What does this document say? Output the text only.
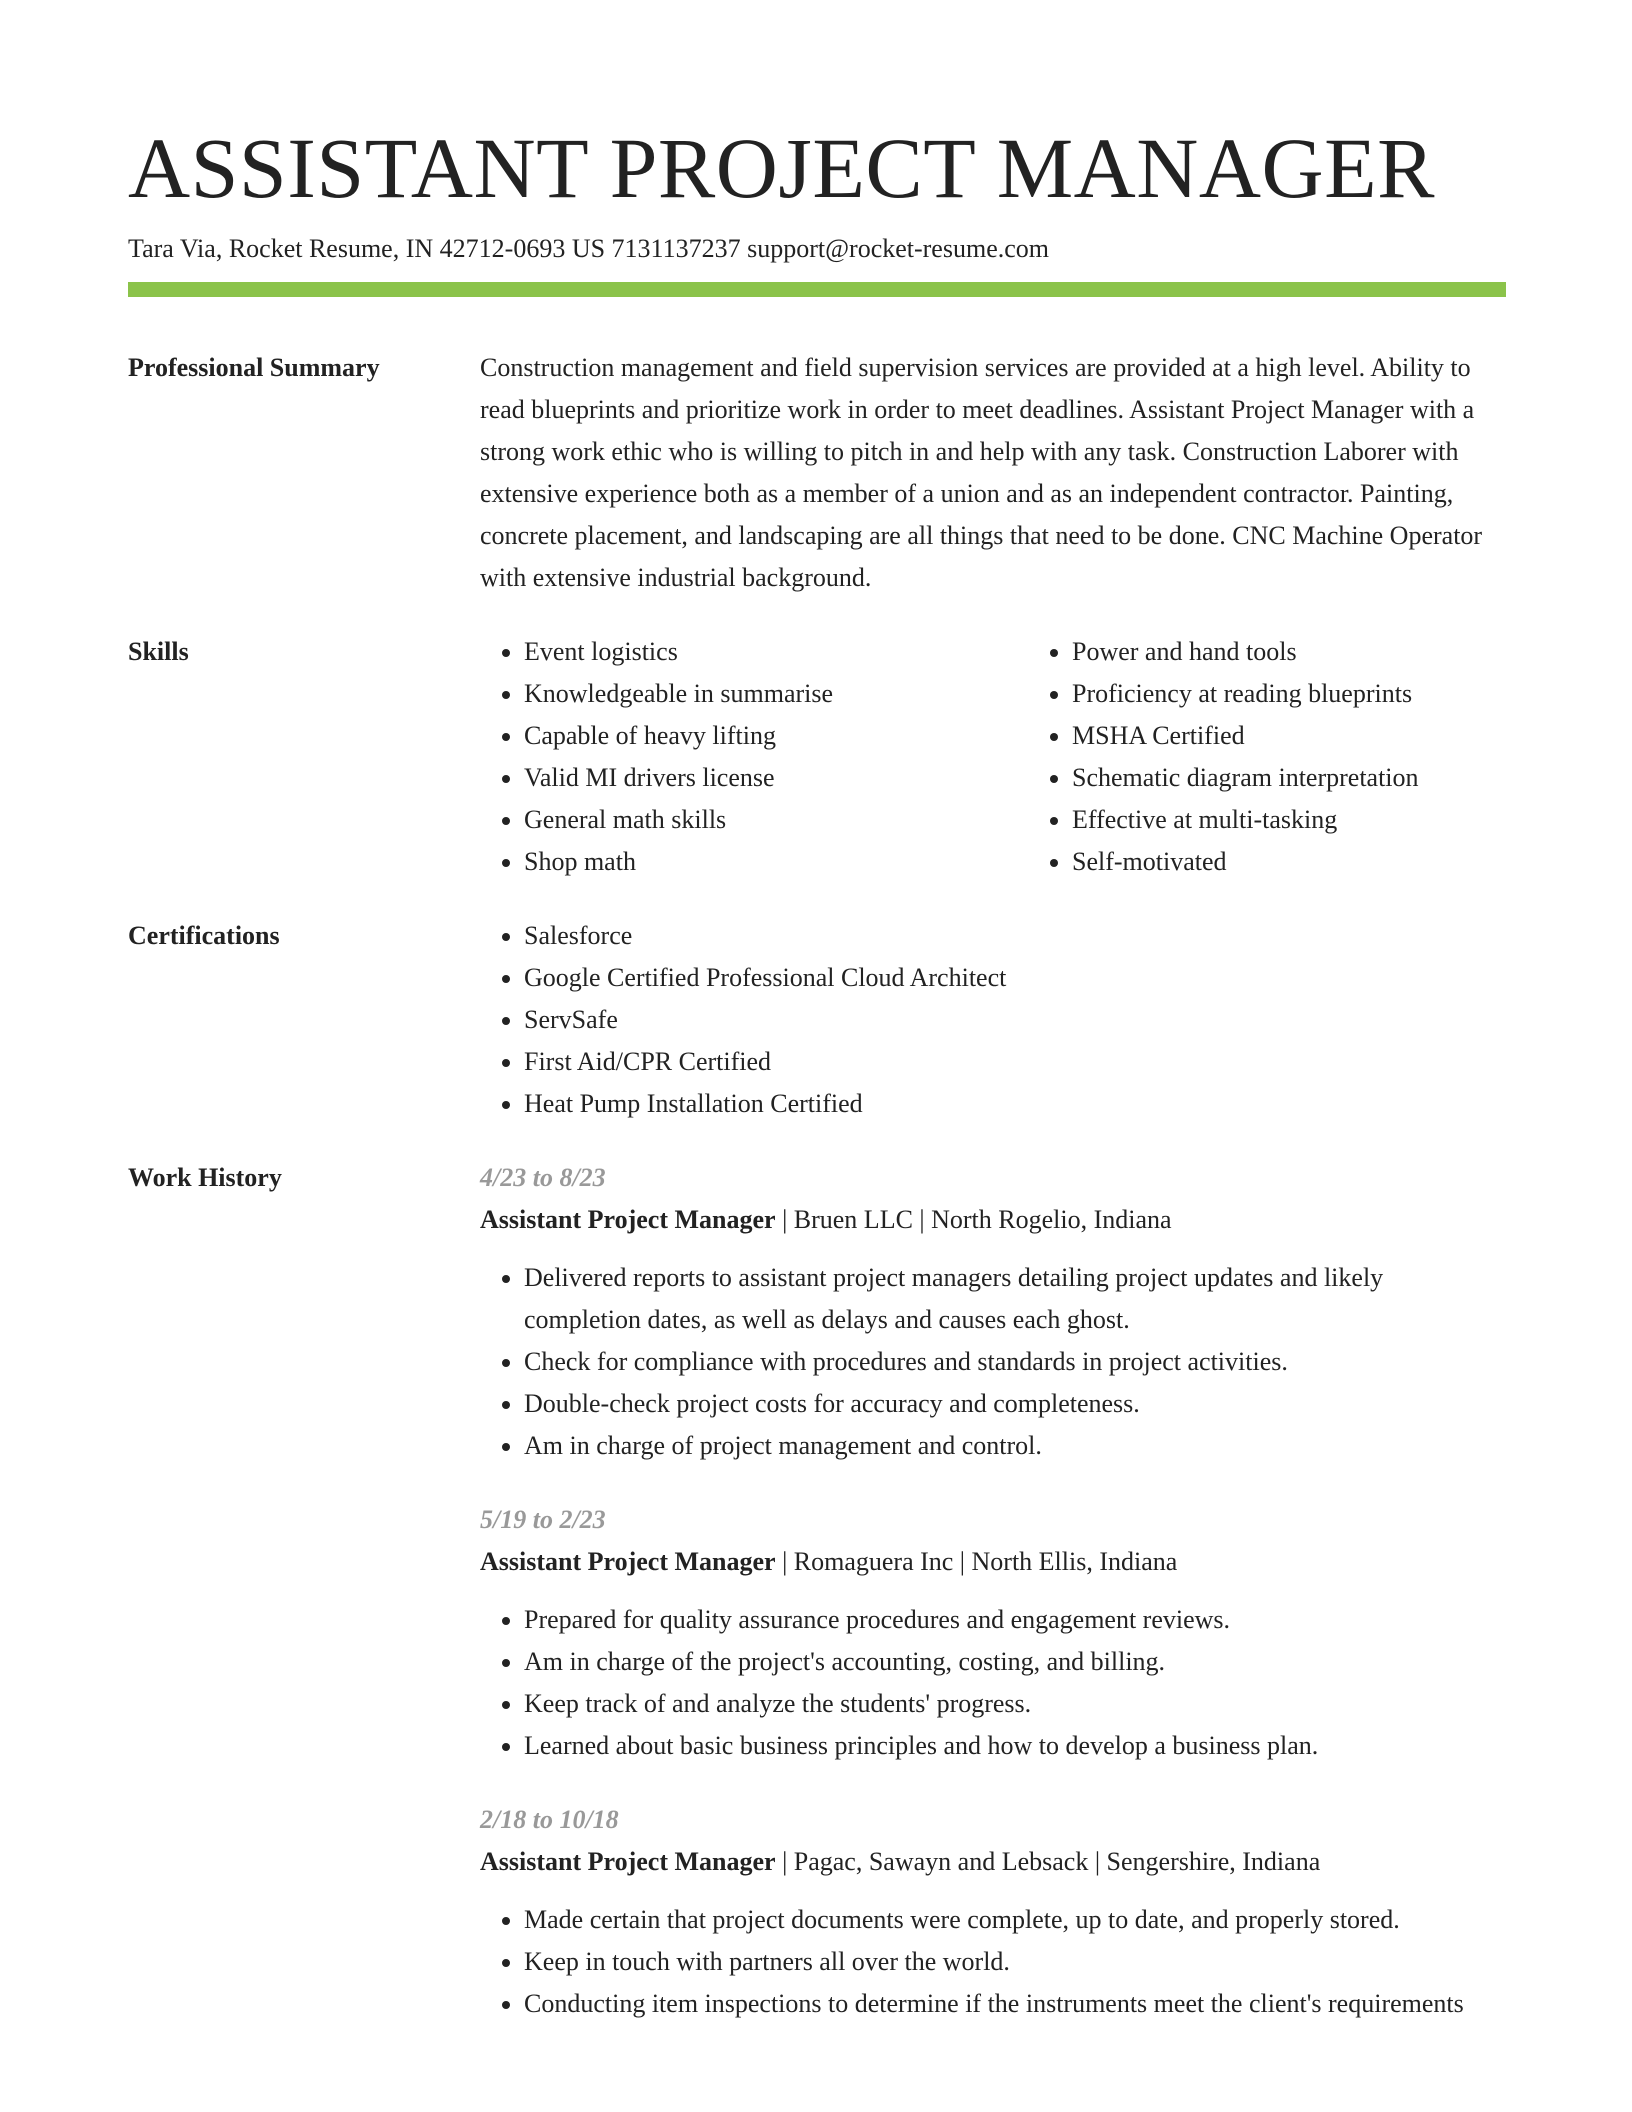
ASSISTANT PROJECT MANAGER
Tara Via, Rocket Resume, IN 42712-0693 US 7131137237 support@rocket-resume.com
Professional Summary	Construction management and field supervision services are provided at a high level. Ability to read blueprints and prioritize work in order to meet deadlines. Assistant Project Manager with a strong work ethic who is willing to pitch in and help with any task. Construction Laborer with extensive experience both as a member of a union and as an independent contractor. Painting, concrete placement, and landscaping are all things that need to be done. CNC Machine Operator with extensive industrial background.
Skills	• Event logistics
• Knowledgeable in summarise
• Capable of heavy lifting
• Valid MI drivers license
• General math skills
• Shop math
• Power and hand tools
• Proficiency at reading blueprints
• MSHA Certified
• Schematic diagram interpretation
• Effective at multi-tasking
• Self-motivated
Certifications	• Salesforce
• Google Certified Professional Cloud Architect
• ServSafe
• First Aid/CPR Certified
• Heat Pump Installation Certified
Work History	4/23 to 8/23
Assistant Project Manager | Bruen LLC | North Rogelio, Indiana
• Delivered reports to assistant project managers detailing project updates and likely completion dates, as well as delays and causes each ghost.
• Check for compliance with procedures and standards in project activities.
• Double-check project costs for accuracy and completeness.
• Am in charge of project management and control.
5/19 to 2/23
Assistant Project Manager | Romaguera Inc | North Ellis, Indiana
• Prepared for quality assurance procedures and engagement reviews.
• Am in charge of the project's accounting, costing, and billing.
• Keep track of and analyze the students' progress.
• Learned about basic business principles and how to develop a business plan.
2/18 to 10/18
Assistant Project Manager | Pagac, Sawayn and Lebsack | Sengershire, Indiana
• Made certain that project documents were complete, up to date, and properly stored.
• Keep in touch with partners all over the world.
• Conducting item inspections to determine if the instruments meet the client's requirements
